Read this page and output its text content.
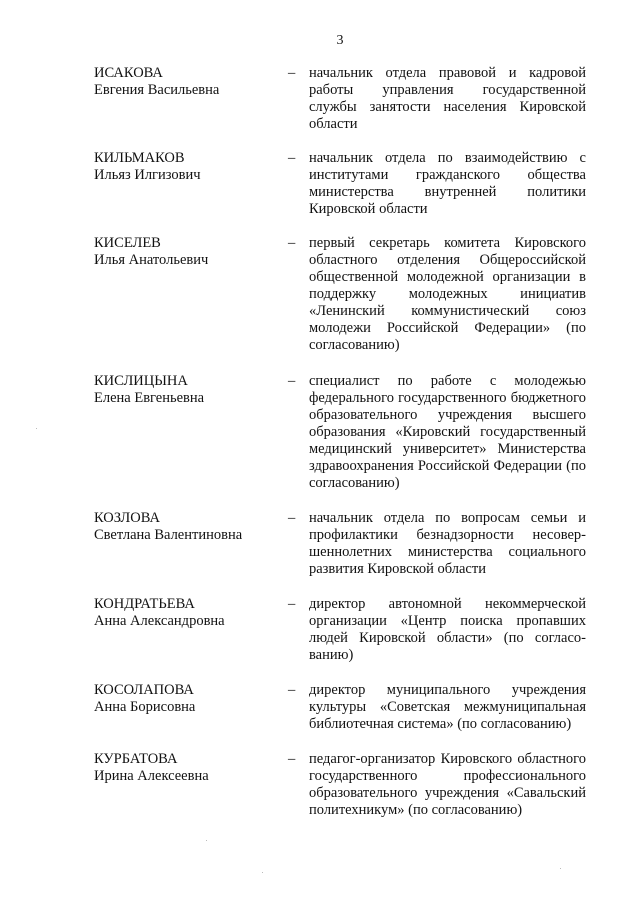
3
ИСАКОВА
Евгения Васильевна
– начальник отдела правовой и кадровой работы управления государственной службы занятости населения Кировской области
КИЛЬМАКОВ
Ильяз Илгизович
– начальник отдела по взаимодействию с институтами гражданского общества министерства внутренней политики Кировской области
КИСЕЛЕВ
Илья Анатольевич
– первый секретарь комитета Кировского областного отделения Общероссийской общественной молодежной организации в поддержку молодежных инициатив «Ленинский коммунистический союз молодежи Российской Федерации» (по согласованию)
КИСЛИЦЫНА
Елена Евгеньевна
– специалист по работе с молодежью федерального государственного бюджетного образовательного учреждения высшего образования «Кировский государственный медицинский университет» Министерства здравоохранения Российской Федерации (по согласованию)
КОЗЛОВА
Светлана Валентиновна
– начальник отдела по вопросам семьи и профилактики безнадзорности несовершеннолетних министерства социального развития Кировской области
КОНДРАТЬЕВА
Анна Александровна
– директор автономной некоммерческой организации «Центр поиска пропавших людей Кировской области» (по согласованию)
КОСОЛАПОВА
Анна Борисовна
– директор муниципального учреждения культуры «Советская межмуниципальная библиотечная система» (по согласованию)
КУРБАТОВА
Ирина Алексеевна
– педагог-организатор Кировского областного государственного профессионального образовательного учреждения «Савальский политехникум» (по согласованию)
